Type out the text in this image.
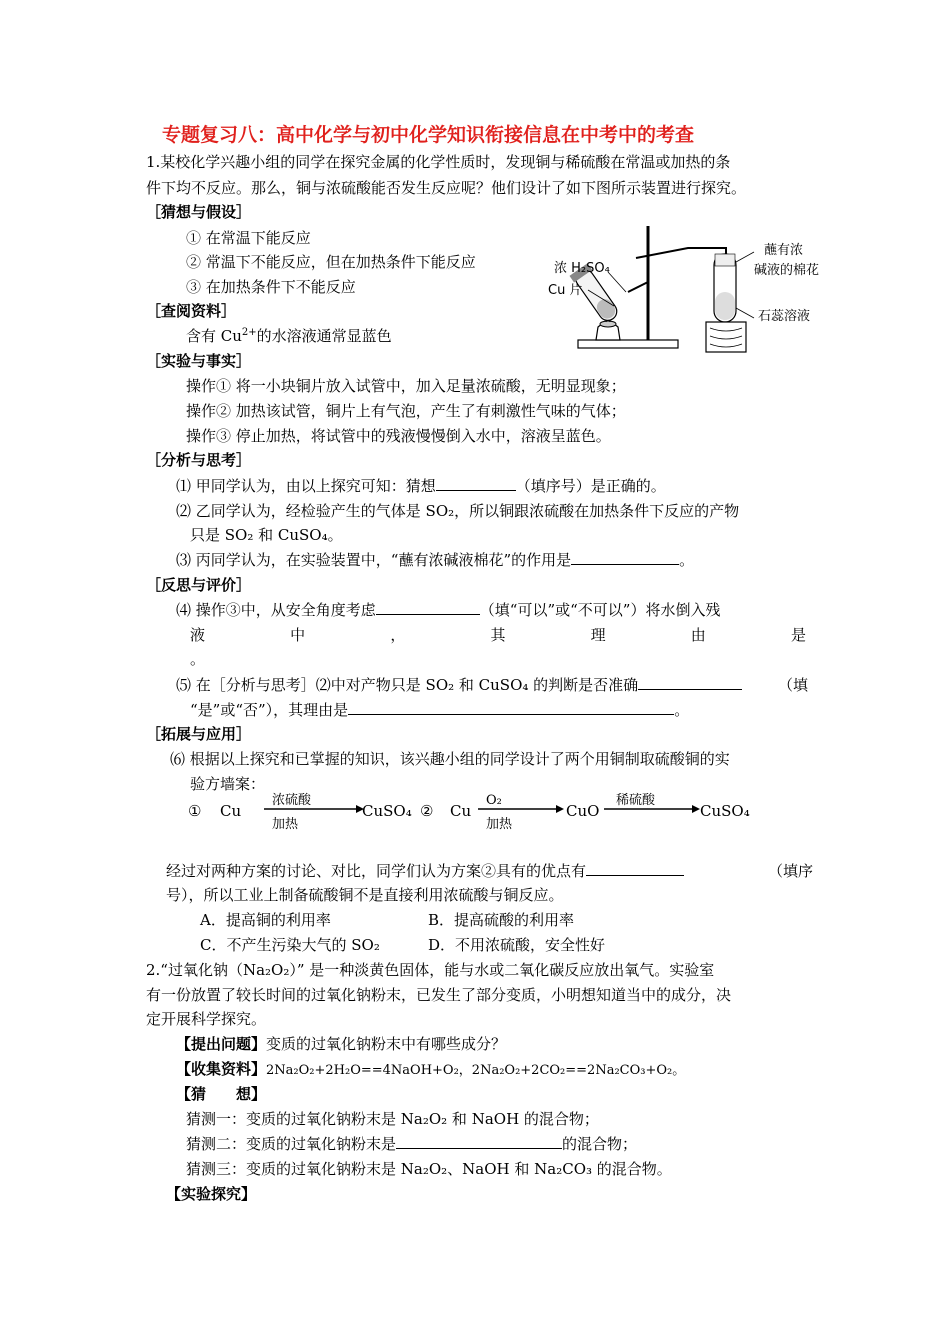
专题复习八：高中化学与初中化学知识衔接信息在中考中的考查
1.某校化学兴趣小组的同学在探究金属的化学性质时，发现铜与稀硫酸在常温或加热的条
件下均不反应。那么，铜与浓硫酸能否发生反应呢？他们设计了如下图所示装置进行探究。
［猜想与假设］
① 在常温下能反应
② 常温下不能反应，但在加热条件下能反应
③ 在加热条件下不能反应
［查阅资料］
含有 $Cu^{2+}$的水溶液通常显蓝色
浓 H₂SO₄
Cu 片
蘸有浓
碱液的棉花
石蕊溶液
［实验与事实］
操作① 将一小块铜片放入试管中，加入足量浓硫酸，无明显现象；
操作② 加热该试管，铜片上有气泡，产生了有刺激性气味的气体；
操作③ 停止加热，将试管中的残液慢慢倒入水中，溶液呈蓝色。
［分析与思考］
⑴ 甲同学认为，由以上探究可知：猜想	（填序号）是正确的。
⑵ 乙同学认为，经检验产生的气体是 SO₂，所以铜跟浓硫酸在加热条件下反应的产物
只是 SO₂ 和 CuSO₄。
⑶ 丙同学认为，在实验装置中，“蘸有浓碱液棉花”的作用是	。
［反思与评价］
⑷ 操作③中，从安全角度考虑	（填“可以”或“不可以”）将水倒入残
液	中	，	其	理	由	是
。
⑸ 在［分析与思考］⑵中对产物只是 SO₂ 和 CuSO₄ 的判断是否准确	（填
“是”或“否”），其理由是	。
［拓展与应用］
⑹ 根据以上探究和已掌握的知识，该兴趣小组的同学设计了两个用铜制取硫酸铜的实
验方墙案：
① Cu
浓硫酸
加热
CuSO₄ ② Cu
O₂
加热
CuO
稀硫酸
CuSO₄
经过对两种方案的讨论、对比，同学们认为方案②具有的优点有	（填序
号），所以工业上制备硫酸铜不是直接利用浓硫酸与铜反应。
A．提高铜的利用率	B．提高硫酸的利用率
C．不产生污染大气的 SO₂	D．不用浓硫酸，安全性好
2.“过氧化钠（Na₂O₂）” 是一种淡黄色固体，能与水或二氧化碳反应放出氧气。实验室
有一份放置了较长时间的过氧化钠粉末，已发生了部分变质，小明想知道当中的成分，决
定开展科学探究。
【提出问题】变质的过氧化钠粉末中有哪些成分？
【收集资料】2Na₂O₂+2H₂O==4NaOH+O₂，2Na₂O₂+2CO₂==2Na₂CO₃+O₂。
【猜　　想】
猜测一：变质的过氧化钠粉末是 Na₂O₂ 和 NaOH 的混合物；
猜测二：变质的过氧化钠粉末是	的混合物；
猜测三：变质的过氧化钠粉末是 Na₂O₂、NaOH 和 Na₂CO₃ 的混合物。
【实验探究】
